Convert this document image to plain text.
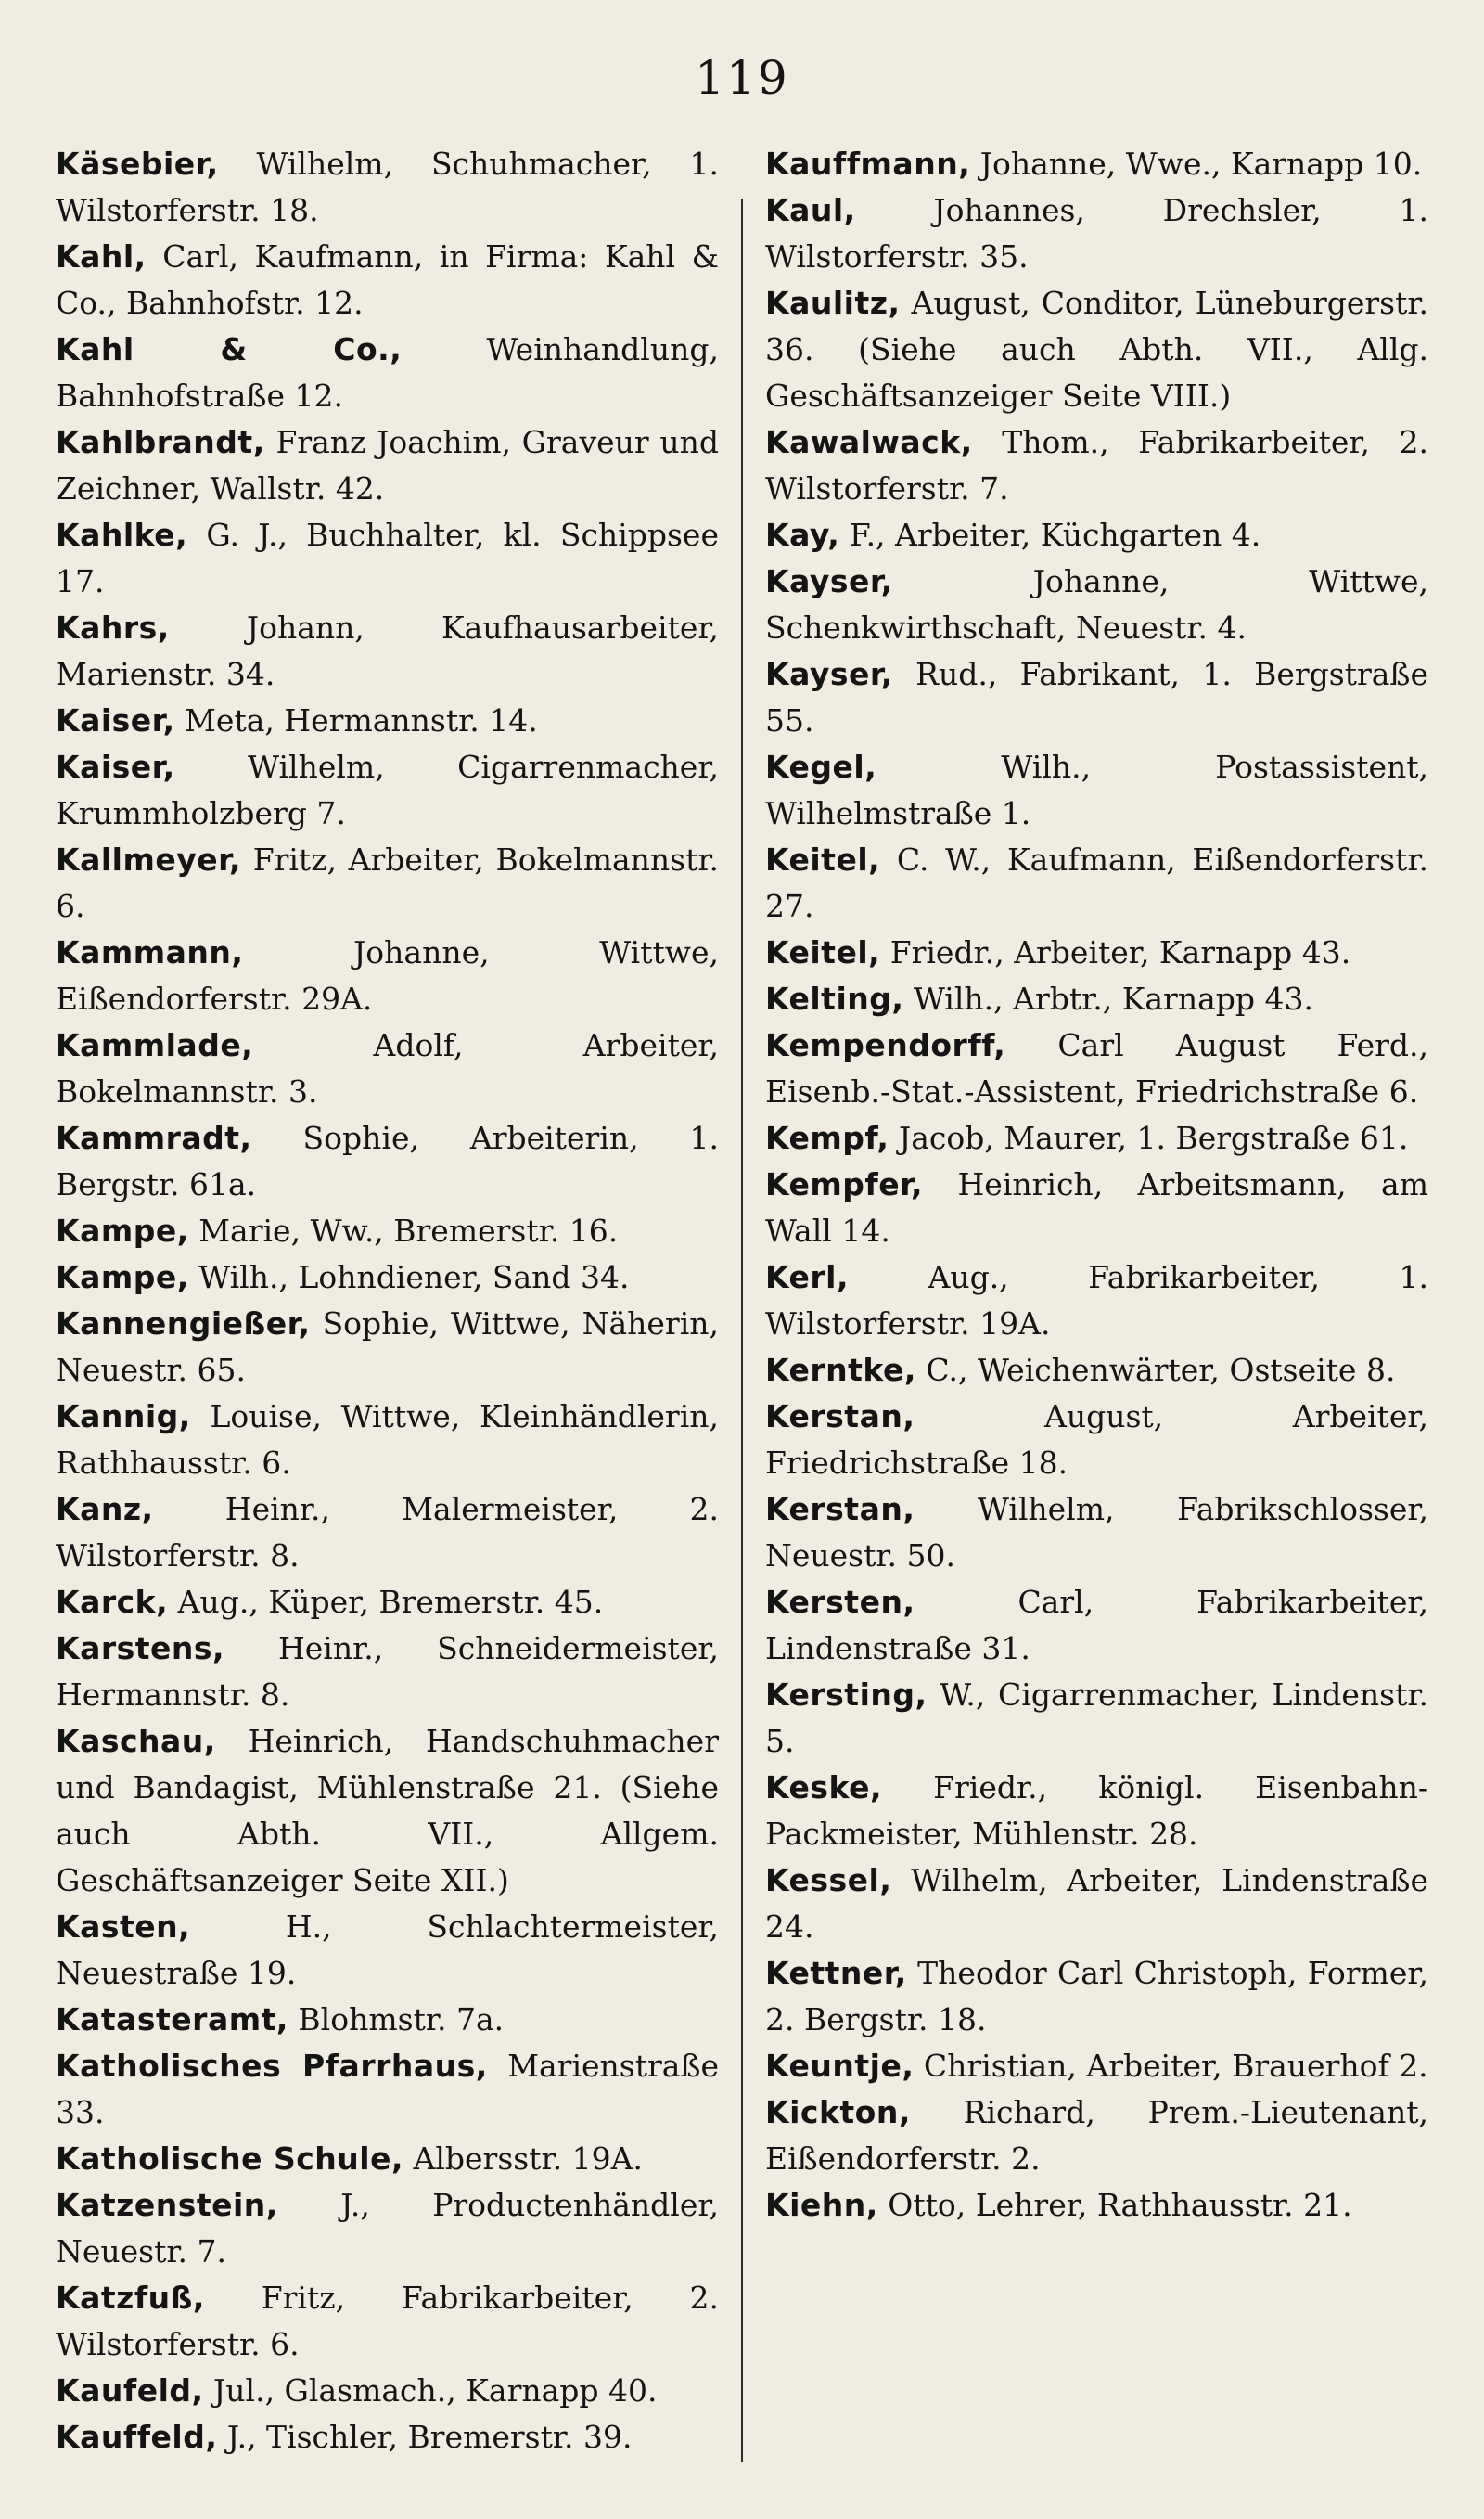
119

Käsebier, Wilhelm, Schuhmacher, 1. Wilstorferstr. 18.

Kahl, Carl, Kaufmann, in Firma: Kahl & Co., Bahnhofstr. 12.

Kahl & Co.,	Weinhandlung, Bahnhofstraße 12.

Kahlbrandt, Franz Joachim, Graveur und Zeichner, Wallstr. 42.

Kahlke, G. J., Buchhalter, kl. Schippsee 17.

Kahrs,	Johann, Kaufhausarbeiter, Marienstr. 34.

Kaiser, Meta, Hermannstr. 14.

Kaiser, Wilhelm, Cigarrenmacher, Krummholzberg 7.

Kallmeyer, Fritz, Arbeiter, Bokelmannstr. 6.

Kammann,	Johanne, Wittwe, Eißendorferstr. 29A.

Kammlade,	Adolf, Arbeiter, Bokelmannstr. 3.

Kammradt, Sophie, Arbeiterin, 1. Bergstr. 61a.

Kampe, Marie, Ww., Bremerstr. 16.

Kampe, Wilh., Lohndiener, Sand 34.

Kannengießer, Sophie, Wittwe, Näherin, Neuestr. 65.

Kannig, Louise, Wittwe, Kleinhändlerin, Rathhausstr. 6.

Kanz, Heinr., Malermeister, 2. Wilstorferstr. 8.

Karck, Aug., Küper, Bremerstr. 45.

Karstens, Heinr., Schneidermeister, Hermannstr. 8.

Kaschau, Heinrich, Handschuhmacher und Bandagist, Mühlenstraße 21. (Siehe auch Abth. VII., Allgem. Geschäftsanzeiger Seite XII.)

Kasten,	H., Schlachtermeister, Neuestraße 19.

Katasteramt, Blohmstr. 7a.

Katholisches Pfarrhaus, Marienstraße 33.

Katholische Schule, Albersstr. 19A.

Katzenstein, J., Productenhändler, Neuestr. 7.

Katzfuß, Fritz, Fabrikarbeiter, 2. Wilstorferstr. 6.

Kaufeld, Jul., Glasmach., Karnapp 40.

Kauffeld, J., Tischler, Bremerstr. 39.

Kauffmann, Johanne, Wwe., Karnapp 10.

Kaul,	Johannes, Drechsler, 1. Wilstorferstr. 35.

Kaulitz, August, Conditor, Lüneburgerstr. 36. (Siehe auch Abth. VII., Allg. Geschäftsanzeiger Seite VIII.)

Kawalwack, Thom., Fabrikarbeiter, 2. Wilstorferstr. 7.

Kay, F., Arbeiter, Küchgarten 4.

Kayser,	Johanne, Wittwe, Schenkwirthschaft, Neuestr. 4.

Kayser, Rud., Fabrikant, 1. Bergstraße 55.

Kegel,	Wilh., Postassistent, Wilhelmstraße 1.

Keitel, C. W., Kaufmann, Eißendorferstr. 27.

Keitel, Friedr., Arbeiter, Karnapp 43.

Kelting, Wilh., Arbtr., Karnapp 43.

Kempendorff, Carl August Ferd., Eisenb.-Stat.-Assistent, Friedrichstraße 6.

Kempf, Jacob, Maurer, 1. Bergstraße 61.

Kempfer, Heinrich, Arbeitsmann, am Wall 14.

Kerl,	Aug., Fabrikarbeiter, 1. Wilstorferstr. 19A.

Kerntke, C., Weichenwärter, Ostseite 8.

Kerstan,	August, Arbeiter, Friedrichstraße 18.

Kerstan, Wilhelm, Fabrikschlosser, Neuestr. 50.

Kersten,	Carl, Fabrikarbeiter, Lindenstraße 31.

Kersting, W., Cigarrenmacher, Lindenstr. 5.

Keske, Friedr., königl. Eisenbahn-Packmeister, Mühlenstr. 28.

Kessel, Wilhelm, Arbeiter, Lindenstraße 24.

Kettner, Theodor Carl Christoph, Former, 2. Bergstr. 18.

Keuntje, Christian, Arbeiter, Brauerhof 2.

Kickton, Richard, Prem.-Lieutenant, Eißendorferstr. 2.

Kiehn, Otto, Lehrer, Rathhausstr. 21.
